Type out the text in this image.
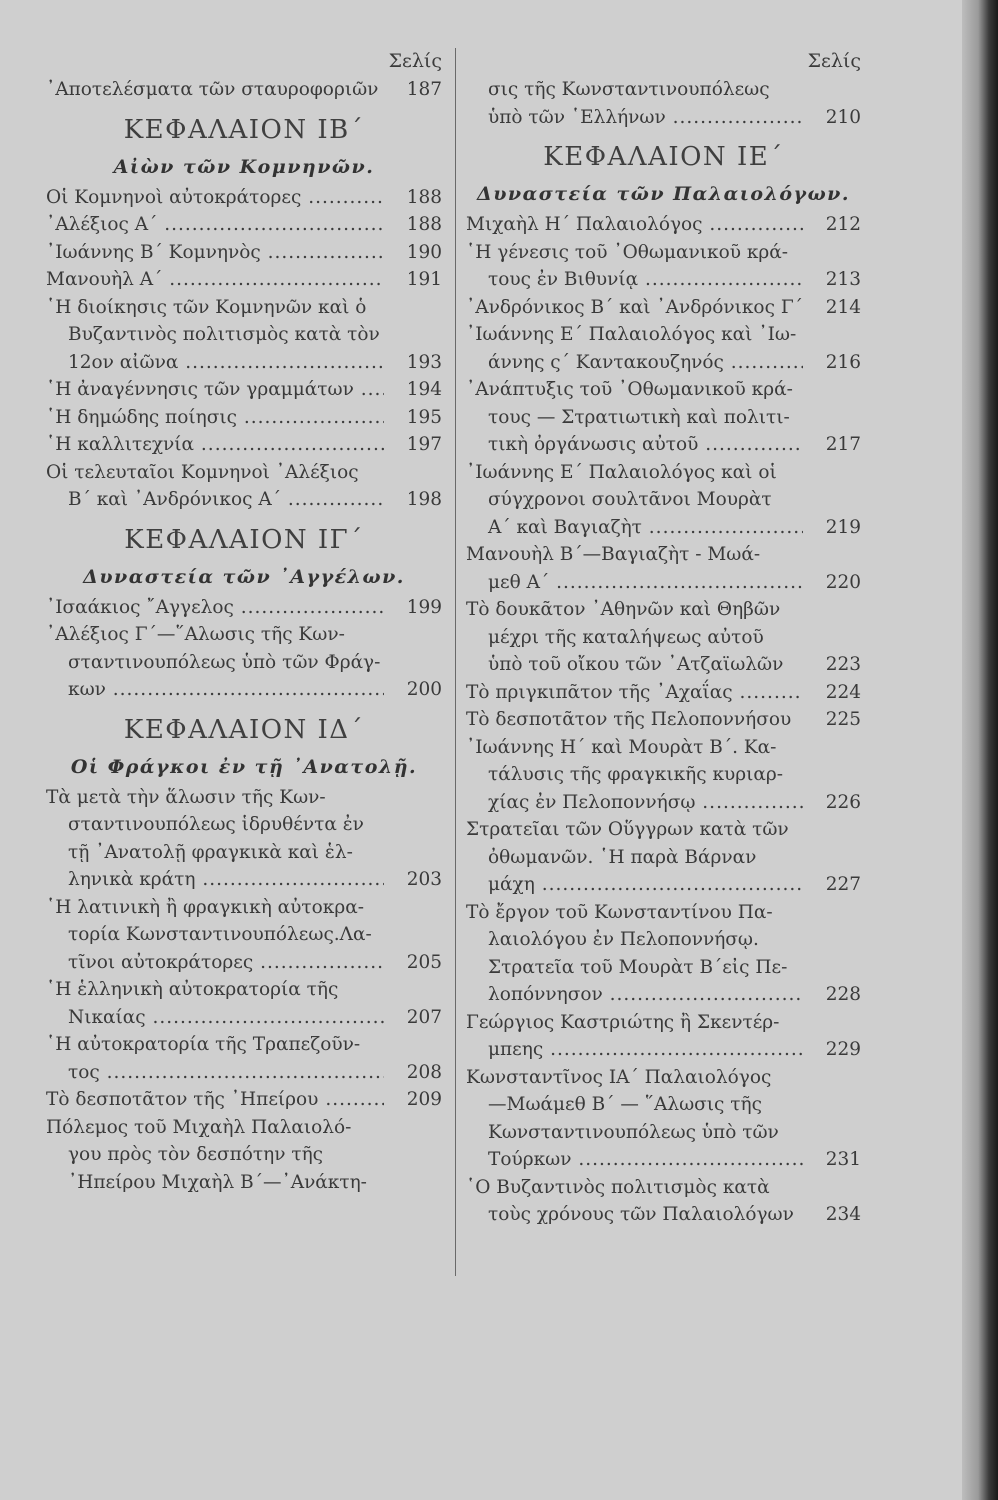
Σελίς
᾿Αποτελέσματα τῶν σταυροφοριῶν	187
ΚΕΦΑΛΑΙΟΝ ΙΒ΄
Αἰὼν τῶν Κομνηνῶν.
Οἱ Κομνηνοὶ αὐτοκράτορες .....	188
᾿Αλέξιος Α΄ .....	188
᾿Ιωάννης Β΄ Κομνηνὸς .....	190
Μανουὴλ Α΄ .....	191
῾Η διοίκησις τῶν Κομνηνῶν καὶ ὁ
Βυζαντινὸς πολιτισμὸς κατὰ τὸν
12ον αἰῶνα .....	193
῾Η ἀναγέννησις τῶν γραμμάτων .....	194
῾Η δημώδης ποίησις .....	195
῾Η καλλιτεχνία .....	197
Οἱ τελευταῖοι Κομνηνοὶ ᾿Αλέξιος
Β΄ καὶ ᾿Ανδρόνικος Α΄ .....	198
ΚΕΦΑΛΑΙΟΝ ΙΓ΄
Δυναστεία τῶν ᾿Αγγέλων.
᾿Ισαάκιος ῎Αγγελος .....	199
᾿Αλέξιος Γ΄—῞Αλωσις τῆς Κων-
σταντινουπόλεως ὑπὸ τῶν Φράγ-
κων .....	200
ΚΕΦΑΛΑΙΟΝ ΙΔ΄
Οἱ Φράγκοι ἐν τῇ ᾿Ανατολῇ.
Τὰ μετὰ τὴν ἅλωσιν τῆς Κων-
σταντινουπόλεως ἱδρυθέντα ἐν
τῇ ᾿Ανατολῇ φραγκικὰ καὶ ἑλ-
ληνικὰ κράτη .....	203
῾Η λατινικὴ ἢ φραγκικὴ αὐτοκρα-
τορία Κωνσταντινουπόλεως.Λα-
τῖνοι αὐτοκράτορες .....	205
῾Η ἑλληνικὴ αὐτοκρατορία τῆς
Νικαίας .....	207
῾Η αὐτοκρατορία τῆς Τραπεζοῦν-
τος .....	208
Τὸ δεσποτᾶτον τῆς ᾿Ηπείρου .....	209
Πόλεμος τοῦ Μιχαὴλ Παλαιολό-
γου πρὸς τὸν δεσπότην τῆς
᾿Ηπείρου Μιχαὴλ Β΄—᾿Ανάκτη-
Σελίς
σις τῆς Κωνσταντινουπόλεως
ὑπὸ τῶν ῾Ελλήνων .....	210
ΚΕΦΑΛΑΙΟΝ ΙΕ΄
Δυναστεία τῶν Παλαιολόγων.
Μιχαὴλ Η΄ Παλαιολόγος .....	212
῾Η γένεσις τοῦ ᾿Οθωμανικοῦ κρά-
τους ἐν Βιθυνίᾳ .....	213
᾿Ανδρόνικος Β΄ καὶ ᾿Ανδρόνικος Γ΄	214
᾿Ιωάννης Ε΄ Παλαιολόγος καὶ ᾿Ιω-
άννης ς΄ Καντακουζηνός .....	216
᾿Ανάπτυξις τοῦ ᾿Οθωμανικοῦ κρά-
τους — Στρατιωτικὴ καὶ πολιτι-
τικὴ ὀργάνωσις αὐτοῦ .....	217
᾿Ιωάννης Ε΄ Παλαιολόγος καὶ οἱ
σύγχρονοι σουλτᾶνοι Μουρὰτ
Α΄ καὶ Βαγιαζὴτ .....	219
Μανουὴλ Β΄—Βαγιαζὴτ - Μωά-
μεθ Α΄ .....	220
Τὸ δουκᾶτον ᾿Αθηνῶν καὶ Θηβῶν
μέχρι τῆς καταλήψεως αὐτοῦ
ὑπὸ τοῦ οἴκου τῶν ᾿Ατζαϊωλῶν	223
Τὸ πριγκιπᾶτον τῆς ᾿Αχαΐας .....	224
Τὸ δεσποτᾶτον τῆς Πελοποννήσου	225
᾿Ιωάννης Η΄ καὶ Μουρὰτ Β΄. Κα-
τάλυσις τῆς φραγκικῆς κυριαρ-
χίας ἐν Πελοποννήσῳ .....	226
Στρατεῖαι τῶν Οὕγγρων κατὰ τῶν
ὀθωμανῶν. ῾Η παρὰ Βάρναν
μάχη .....	227
Τὸ ἔργον τοῦ Κωνσταντίνου Πα-
λαιολόγου ἐν Πελοποννήσῳ.
Στρατεῖα τοῦ Μουρὰτ Β΄εἰς Πε-
λοπόννησον .....	228
Γεώργιος Καστριώτης ἢ Σκεντέρ-
μπεης .....	229
Κωνσταντῖνος ΙΑ΄ Παλαιολόγος
—Μωάμεθ Β΄ — ῞Αλωσις τῆς
Κωνσταντινουπόλεως ὑπὸ τῶν
Τούρκων .....	231
῾Ο Βυζαντινὸς πολιτισμὸς κατὰ
τοὺς χρόνους τῶν Παλαιολόγων	234
